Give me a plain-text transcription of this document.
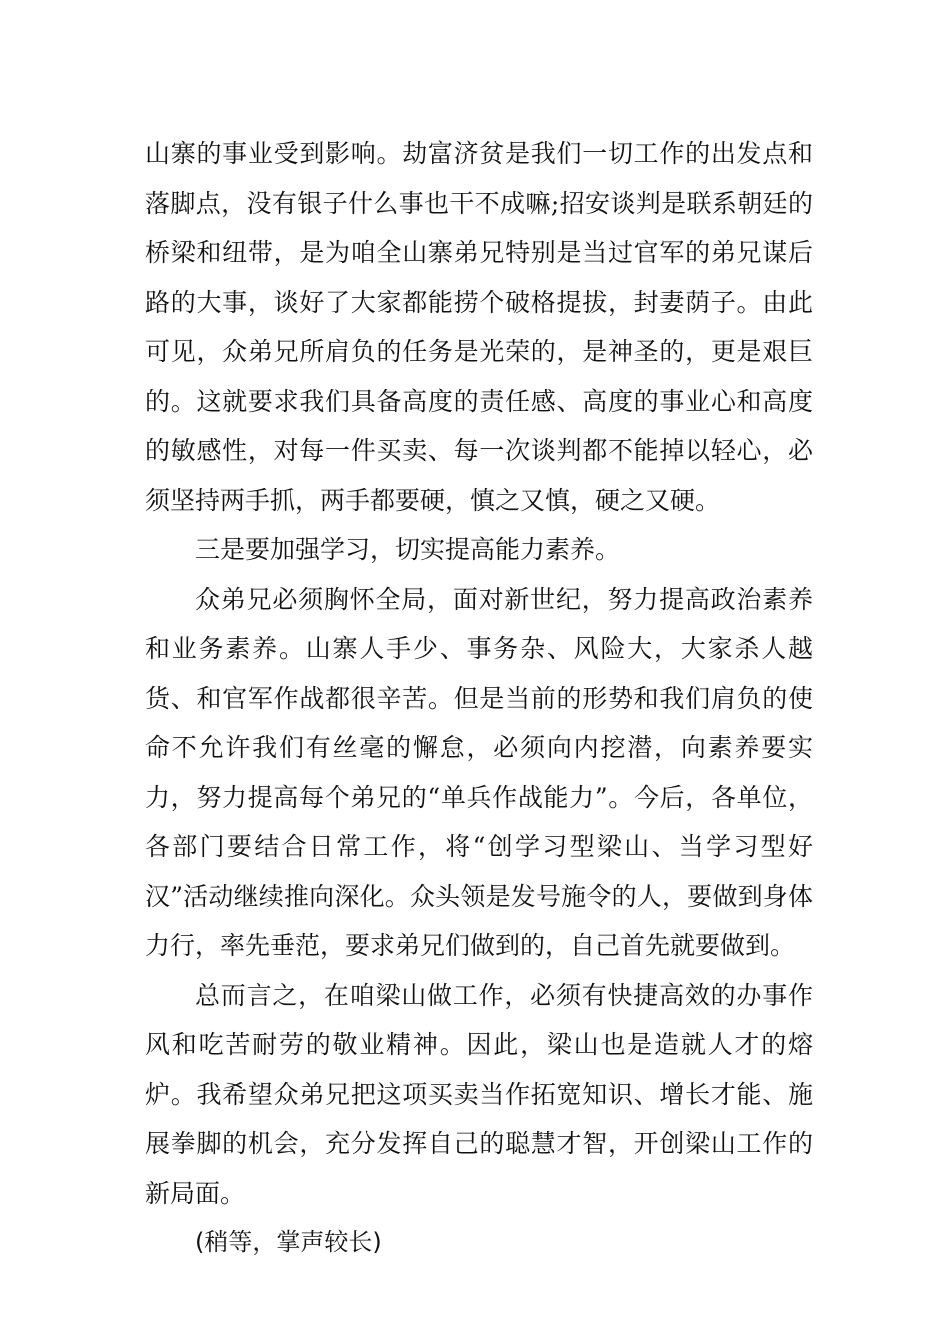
山寨的事业受到影响。劫富济贫是我们一切工作的出发点和落脚点，没有银子什么事也干不成嘛;招安谈判是联系朝廷的桥梁和纽带，是为咱全山寨弟兄特别是当过官军的弟兄谋后路的大事，谈好了大家都能捞个破格提拔，封妻荫子。由此可见，众弟兄所肩负的任务是光荣的，是神圣的，更是艰巨的。这就要求我们具备高度的责任感、高度的事业心和高度的敏感性，对每一件买卖、每一次谈判都不能掉以轻心，必须坚持两手抓，两手都要硬，慎之又慎，硬之又硬。

三是要加强学习，切实提高能力素养。

众弟兄必须胸怀全局，面对新世纪，努力提高政治素养和业务素养。山寨人手少、事务杂、风险大，大家杀人越货、和官军作战都很辛苦。但是当前的形势和我们肩负的使命不允许我们有丝毫的懈怠，必须向内挖潜，向素养要实力，努力提高每个弟兄的“单兵作战能力”。今后，各单位，各部门要结合日常工作，将“创学习型梁山、当学习型好汉”活动继续推向深化。众头领是发号施令的人，要做到身体力行，率先垂范，要求弟兄们做到的，自己首先就要做到。

总而言之，在咱梁山做工作，必须有快捷高效的办事作风和吃苦耐劳的敬业精神。因此，梁山也是造就人才的熔炉。我希望众弟兄把这项买卖当作拓宽知识、增长才能、施展拳脚的机会，充分发挥自己的聪慧才智，开创梁山工作的新局面。

(稍等，掌声较长)
